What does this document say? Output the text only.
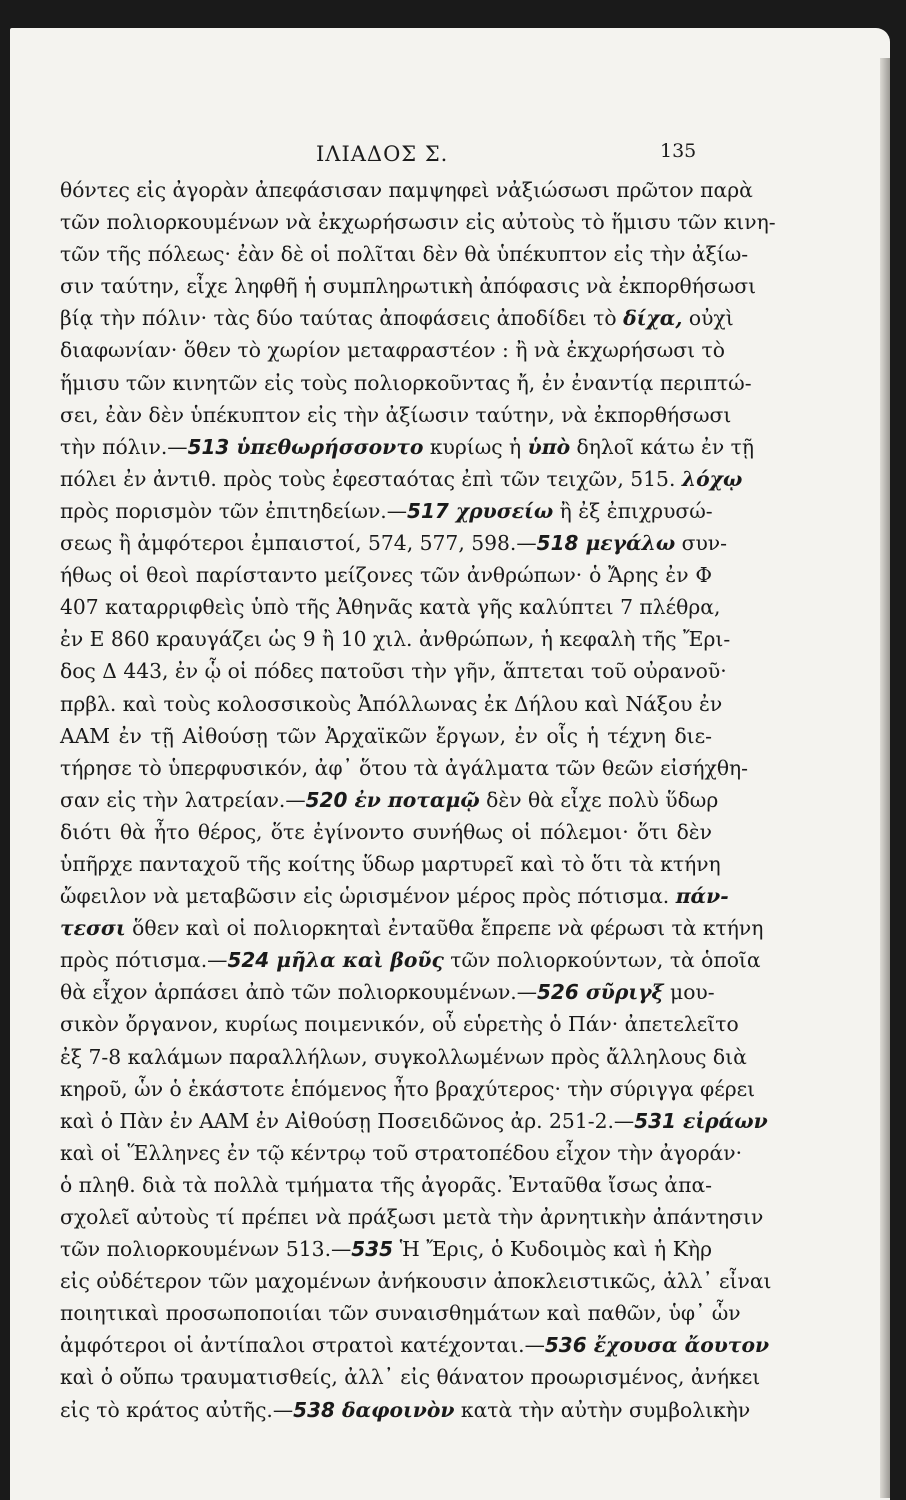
ΙΛΙΑΔΟΣ Σ.	135
θόντες εἰς ἀγορὰν ἀπεφάσισαν παμψηφεὶ νἀξιώσωσι πρῶτον παρὰ
τῶν πολιορκουμένων νὰ ἐκχωρήσωσιν εἰς αὐτοὺς τὸ ἥμισυ τῶν κινη-
τῶν τῆς πόλεως· ἐὰν δὲ οἱ πολῖται δὲν θὰ ὑπέκυπτον εἰς τὴν ἀξίω-
σιν ταύτην, εἶχε ληφθῆ ἡ συμπληρωτικὴ ἀπόφασις νὰ ἐκπορθήσωσι
βίᾳ τὴν πόλιν· τὰς δύο ταύτας ἀποφάσεις ἀποδίδει τὸ δίχα, οὐχὶ
διαφωνίαν· ὅθεν τὸ χωρίον μεταφραστέον : ἢ νὰ ἐκχωρήσωσι τὸ
ἥμισυ τῶν κινητῶν εἰς τοὺς πολιορκοῦντας ἤ, ἐν ἐναντίᾳ περιπτώ-
σει, ἐὰν δὲν ὑπέκυπτον εἰς τὴν ἀξίωσιν ταύτην, νὰ ἐκπορθήσωσι
τὴν πόλιν.—513 ὑπεθωρήσσοντο κυρίως ἡ ὑπὸ δηλοῖ κάτω ἐν τῇ
πόλει ἐν ἀντιθ. πρὸς τοὺς ἐφεσταότας ἐπὶ τῶν τειχῶν, 515. λόχῳ
πρὸς πορισμὸν τῶν ἐπιτηδείων.—517 χρυσείω ἢ ἐξ ἐπιχρυσώ-
σεως ἢ ἀμφότεροι ἐμπαιστοί, 574, 577, 598.—518 μεγάλω συν-
ήθως οἱ θεοὶ παρίσταντο μείζονες τῶν ἀνθρώπων· ὁ Ἄρης ἐν Φ
407 καταρριφθεὶς ὑπὸ τῆς Ἀθηνᾶς κατὰ γῆς καλύπτει 7 πλέθρα,
ἐν Ε 860 κραυγάζει ὡς 9 ἢ 10 χιλ. ἀνθρώπων, ἡ κεφαλὴ τῆς Ἔρι-
δος Δ 443, ἐν ᾧ οἱ πόδες πατοῦσι τὴν γῆν, ἅπτεται τοῦ οὐρανοῦ·
πρβλ. καὶ τοὺς κολοσσικοὺς Ἀπόλλωνας ἐκ Δήλου καὶ Νάξου ἐν
ΑΑΜ ἐν τῇ Αἰθούσῃ τῶν Ἀρχαϊκῶν ἔργων, ἐν οἷς ἡ τέχνη διε-
τήρησε τὸ ὑπερφυσικόν, ἀφ᾽ ὅτου τὰ ἀγάλματα τῶν θεῶν εἰσήχθη-
σαν εἰς τὴν λατρείαν.—520 ἐν ποταμῷ δὲν θὰ εἶχε πολὺ ὕδωρ
διότι θὰ ἦτο θέρος, ὅτε ἐγίνοντο συνήθως οἱ πόλεμοι· ὅτι δὲν
ὑπῆρχε πανταχοῦ τῆς κοίτης ὕδωρ μαρτυρεῖ καὶ τὸ ὅτι τὰ κτήνη
ὤφειλον νὰ μεταβῶσιν εἰς ὡρισμένον μέρος πρὸς πότισμα. πάν-
τεσσι ὅθεν καὶ οἱ πολιορκηταὶ ἐνταῦθα ἔπρεπε νὰ φέρωσι τὰ κτήνη
πρὸς πότισμα.—524 μῆλα καὶ βοῦς τῶν πολιορκούντων, τὰ ὁποῖα
θὰ εἶχον ἁρπάσει ἀπὸ τῶν πολιορκουμένων.—526 σῦριγξ μου-
σικὸν ὄργανον, κυρίως ποιμενικόν, οὗ εὑρετὴς ὁ Πάν· ἀπετελεῖτο
ἐξ 7-8 καλάμων παραλλήλων, συγκολλωμένων πρὸς ἄλληλους διὰ
κηροῦ, ὧν ὁ ἑκάστοτε ἑπόμενος ἦτο βραχύτερος· τὴν σύριγγα φέρει
καὶ ὁ Πὰν ἐν ΑΑΜ ἐν Αἰθούσῃ Ποσειδῶνος ἀρ. 251-2.—531 εἰράων
καὶ οἱ Ἕλληνες ἐν τῷ κέντρῳ τοῦ στρατοπέδου εἶχον τὴν ἀγοράν·
ὁ πληθ. διὰ τὰ πολλὰ τμήματα τῆς ἀγορᾶς. Ἐνταῦθα ἴσως ἀπα-
σχολεῖ αὐτοὺς τί πρέπει νὰ πράξωσι μετὰ τὴν ἀρνητικὴν ἀπάντησιν
τῶν πολιορκουμένων 513.—535 Ἡ Ἔρις, ὁ Κυδοιμὸς καὶ ἡ Κὴρ
εἰς οὐδέτερον τῶν μαχομένων ἀνήκουσιν ἀποκλειστικῶς, ἀλλ᾽ εἶναι
ποιητικαὶ προσωποποιίαι τῶν συναισθημάτων καὶ παθῶν, ὑφ᾽ ὧν
ἀμφότεροι οἱ ἀντίπαλοι στρατοὶ κατέχονται.—536 ἔχουσα ἄουτον
καὶ ὁ οὔπω τραυματισθείς, ἀλλ᾽ εἰς θάνατον προωρισμένος, ἀνήκει
εἰς τὸ κράτος αὐτῆς.—538 δαφοινὸν κατὰ τὴν αὐτὴν συμβολικὴν
